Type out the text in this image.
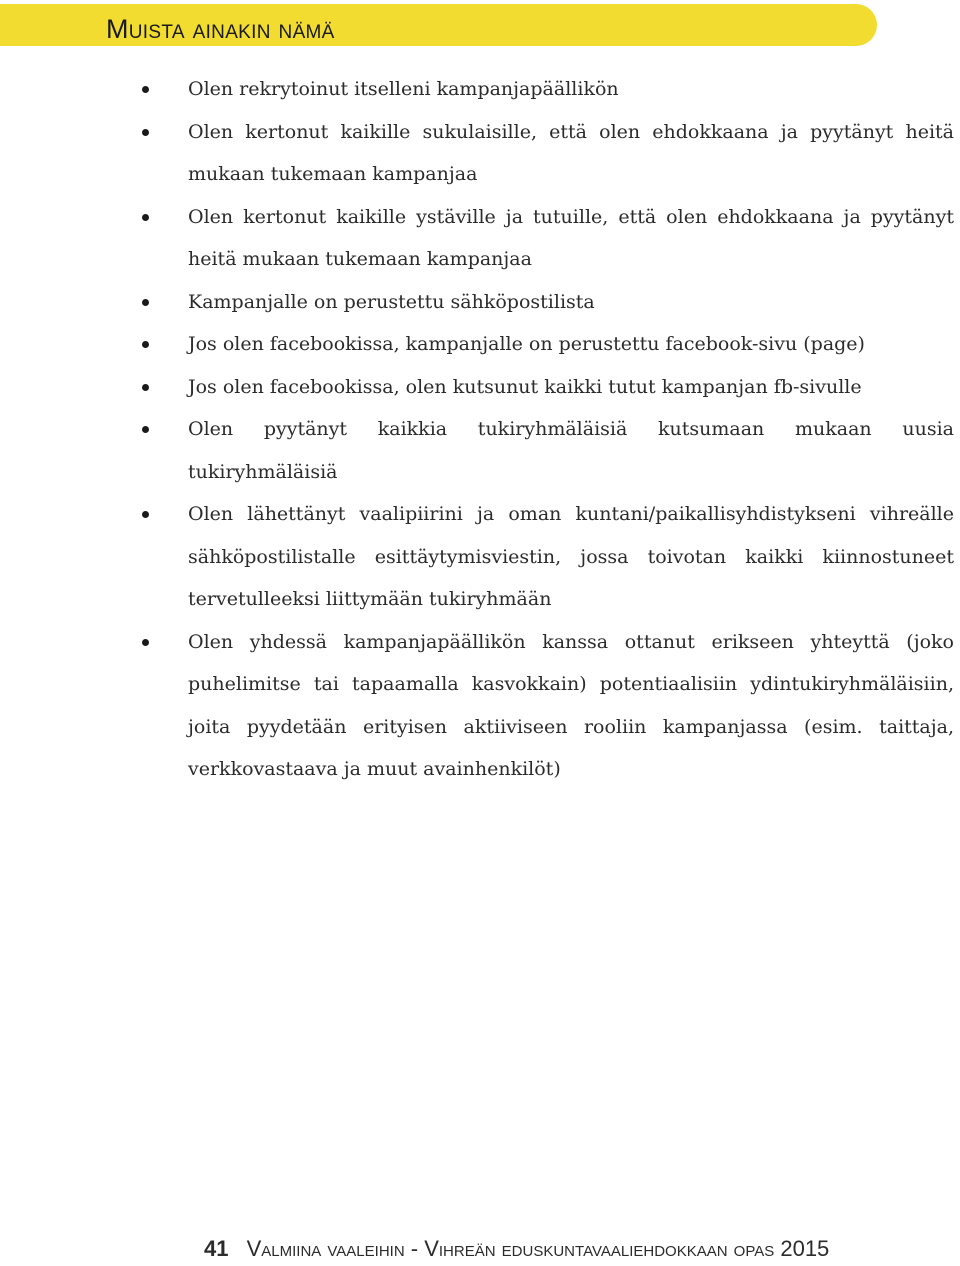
Muista ainakin nämä
Olen rekrytoinut itselleni kampanjapäällikön
Olen kertonut kaikille sukulaisille, että olen ehdokkaana ja pyytänyt heitä mukaan tukemaan kampanjaa
Olen kertonut kaikille ystäville ja tutuille, että olen ehdokkaana ja pyytänyt heitä mukaan tukemaan kampanjaa
Kampanjalle on perustettu sähköpostilista
Jos olen facebookissa, kampanjalle on perustettu facebook-sivu (page)
Jos olen facebookissa, olen kutsunut kaikki tutut kampanjan fb-sivulle
Olen pyytänyt kaikkia tukiryhmäläisiä kutsumaan mukaan uusia tukiryhmäläisiä
Olen lähettänyt vaalipiirini ja oman kuntani/paikallisyhdistykseni vihreälle sähköpostilistalle esittäytymisviestin, jossa toivotan kaikki kiinnostuneet tervetulleeksi liittymään tukiryhmään
Olen yhdessä kampanjapäällikön kanssa ottanut erikseen yhteyttä (joko puhelimitse tai tapaamalla kasvokkain) potentiaalisiin ydintukiryhmäläisiin, joita pyydetään erityisen aktiiviseen rooliin kampanjassa (esim. taittaja, verkkovastaava ja muut avainhenkilöt)
41 Valmiina vaaleihin - Vihreän eduskuntavaaliehdokkaan opas 2015
